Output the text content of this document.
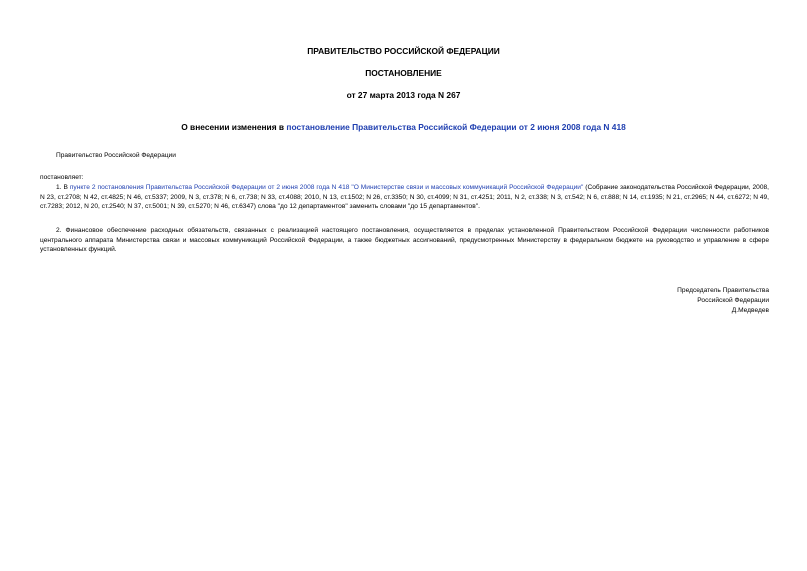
ПРАВИТЕЛЬСТВО РОССИЙСКОЙ ФЕДЕРАЦИИ
ПОСТАНОВЛЕНИЕ
от 27 марта 2013 года N 267
О внесении изменения в постановление Правительства Российской Федерации от 2 июня 2008 года N 418
Правительство Российской Федерации
постановляет:
1. В пункте 2 постановления Правительства Российской Федерации от 2 июня 2008 года N 418 "О Министерстве связи и массовых коммуникаций Российской Федерации" (Собрание законодательства Российской Федерации, 2008, N 23, ст.2708; N 42, ст.4825; N 46, ст.5337; 2009, N 3, ст.378; N 6, ст.738; N 33, ст.4088; 2010, N 13, ст.1502; N 26, ст.3350; N 30, ст.4099; N 31, ст.4251; 2011, N 2, ст.338; N 3, ст.542; N 6, ст.888; N 14, ст.1935; N 21, ст.2965; N 44, ст.6272; N 49, ст.7283; 2012, N 20, ст.2540; N 37, ст.5001; N 39, ст.5270; N 46, ст.6347) слова "до 12 департаментов" заменить словами "до 15 департаментов".
2. Финансовое обеспечение расходных обязательств, связанных с реализацией настоящего постановления, осуществляется в пределах установленной Правительством Российской Федерации численности работников центрального аппарата Министерства связи и массовых коммуникаций Российской Федерации, а также бюджетных ассигнований, предусмотренных Министерству в федеральном бюджете на руководство и управление в сфере установленных функций.
Председатель Правительства
Российской Федерации
Д.Медведев
